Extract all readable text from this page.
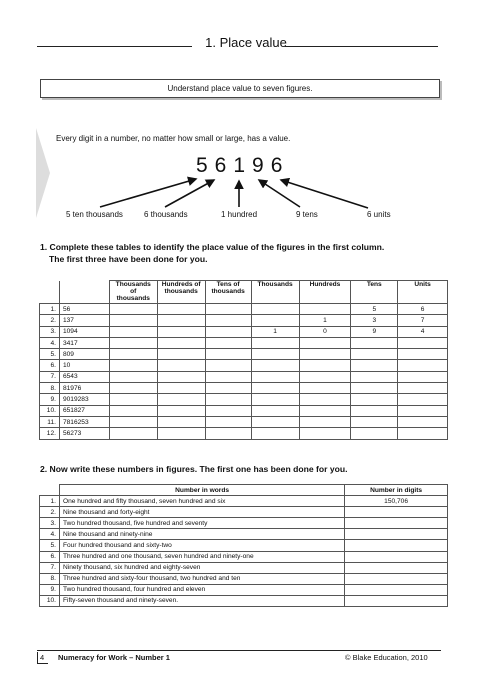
1. Place value
Understand place value to seven figures.
Every digit in a number, no matter how small or large, has a value.
56196
5 ten thousands	6 thousands	1 hundred	9 tens	6 units
1. Complete these tables to identify the place value of the figures in the first column.
The first three have been done for you.
		Thousands of thousands	Hundreds of thousands	Tens of thousands	Thousands	Hundreds	Tens	Units
1.	56						5	6
2.	137					1	3	7
3.	1094				1	0	9	4
4.	3417							
5.	809							
6.	10							
7.	6543							
8.	81976							
9.	9019283							
10.	651827							
11.	7816253							
12.	56273							
2. Now write these numbers in figures. The first one has been done for you.
	Number in words	Number in digits
1.	One hundred and fifty thousand, seven hundred and six	150,706
2.	Nine thousand and forty-eight	
3.	Two hundred thousand, five hundred and seventy	
4.	Nine thousand and ninety-nine	
5.	Four hundred thousand and sixty-two	
6.	Three hundred and one thousand, seven hundred and ninety-one	
7.	Ninety thousand, six hundred and eighty-seven	
8.	Three hundred and sixty-four thousand, two hundred and ten	
9.	Two hundred thousand, four hundred and eleven	
10.	Fifty-seven thousand and ninety-seven.	
4 Numeracy for Work – Number 1	© Blake Education, 2010
